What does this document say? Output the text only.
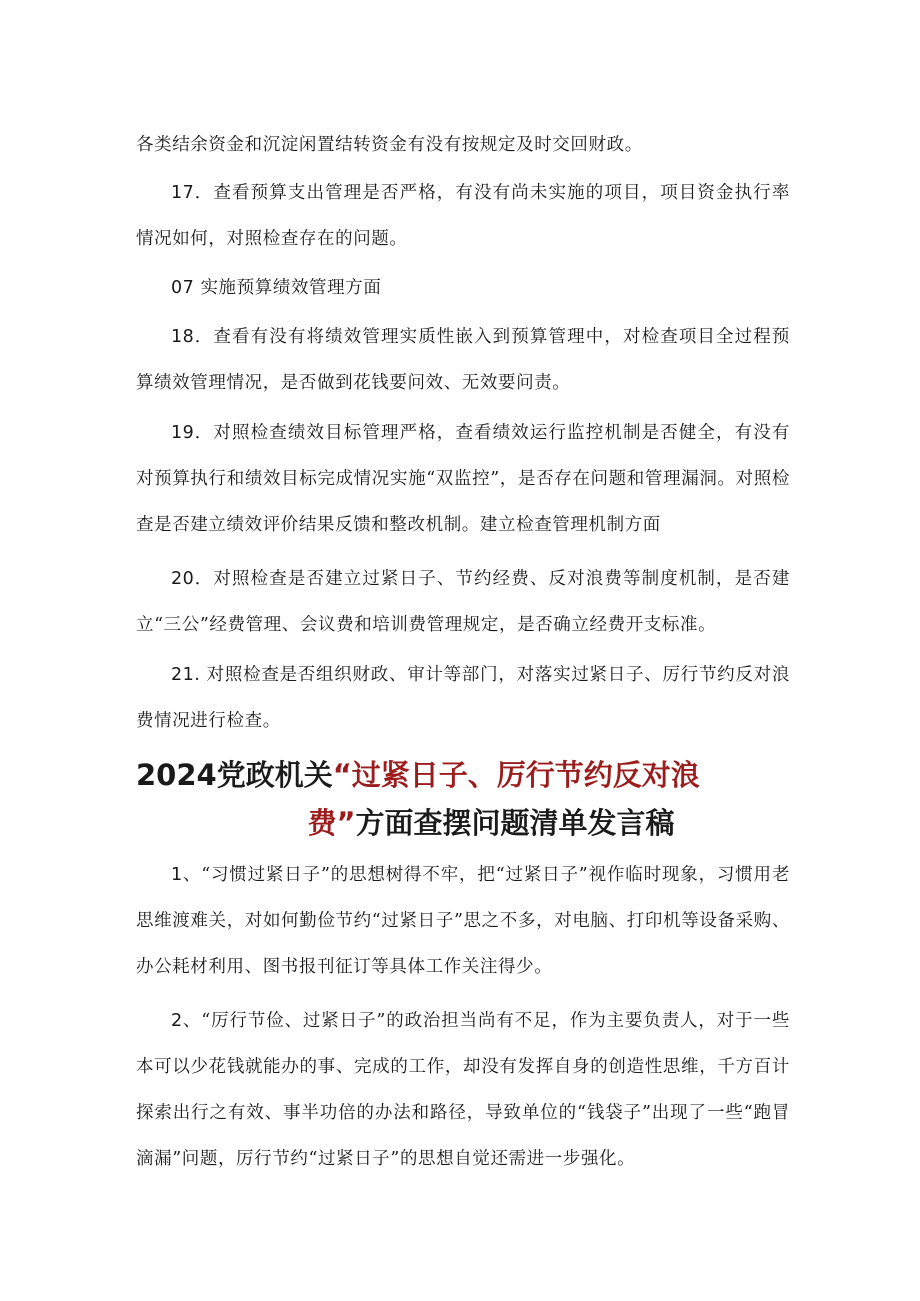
各类结余资金和沉淀闲置结转资金有没有按规定及时交回财政。

17．查看预算支出管理是否严格，有没有尚未实施的项目，项目资金执行率情况如何，对照检查存在的问题。

07 实施预算绩效管理方面

18．查看有没有将绩效管理实质性嵌入到预算管理中，对检查项目全过程预算绩效管理情况，是否做到花钱要问效、无效要问责。

19．对照检查绩效目标管理严格，查看绩效运行监控机制是否健全，有没有对预算执行和绩效目标完成情况实施“双监控”，是否存在问题和管理漏洞。对照检查是否建立绩效评价结果反馈和整改机制。建立检查管理机制方面

20．对照检查是否建立过紧日子、节约经费、反对浪费等制度机制，是否建立“三公”经费管理、会议费和培训费管理规定，是否确立经费开支标准。

21. 对照检查是否组织财政、审计等部门，对落实过紧日子、厉行节约反对浪费情况进行检查。

2024党政机关“过紧日子、厉行节约反对浪
费”方面查摆问题清单发言稿

1、“习惯过紧日子”的思想树得不牢，把“过紧日子”视作临时现象，习惯用老思维渡难关，对如何勤俭节约“过紧日子”思之不多，对电脑、打印机等设备采购、办公耗材利用、图书报刊征订等具体工作关注得少。

2、“厉行节俭、过紧日子”的政治担当尚有不足，作为主要负责人，对于一些本可以少花钱就能办的事、完成的工作，却没有发挥自身的创造性思维，千方百计探索出行之有效、事半功倍的办法和路径，导致单位的“钱袋子”出现了一些“跑冒滴漏”问题，厉行节约“过紧日子”的思想自觉还需进一步强化。
